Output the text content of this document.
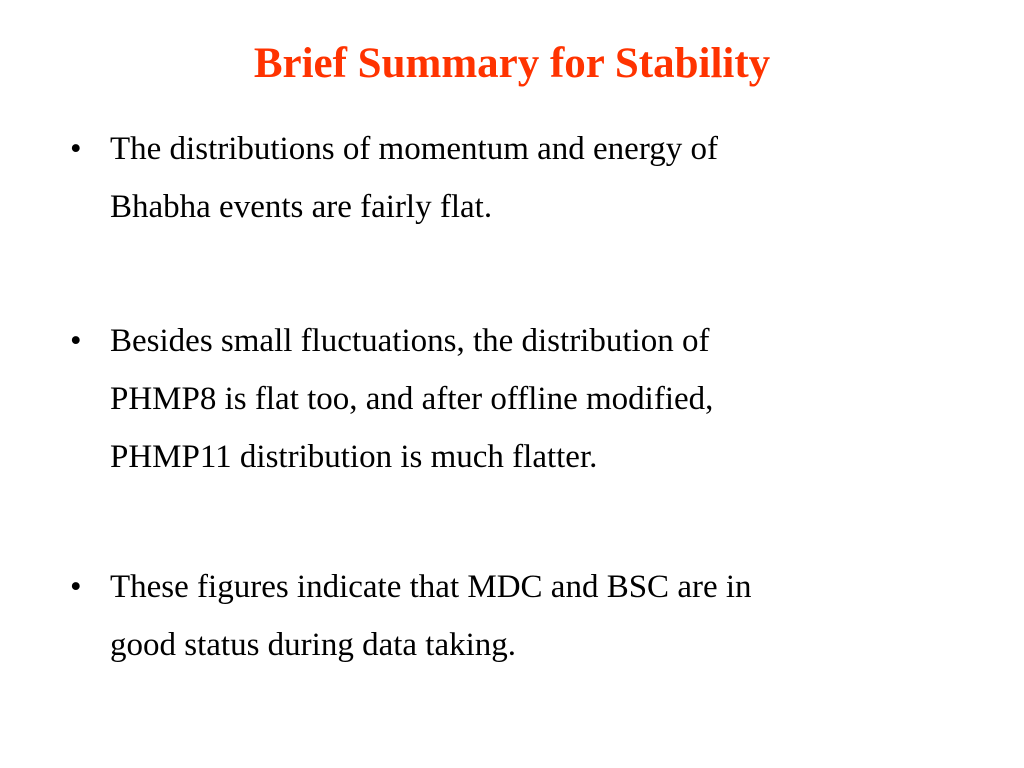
Brief Summary for Stability
• The distributions of momentum and energy of
Bhabha events are fairly flat.
• Besides small fluctuations, the distribution of
PHMP8 is flat too, and after offline modified,
PHMP11 distribution is much flatter.
• These figures indicate that MDC and BSC are in
good status during data taking.
